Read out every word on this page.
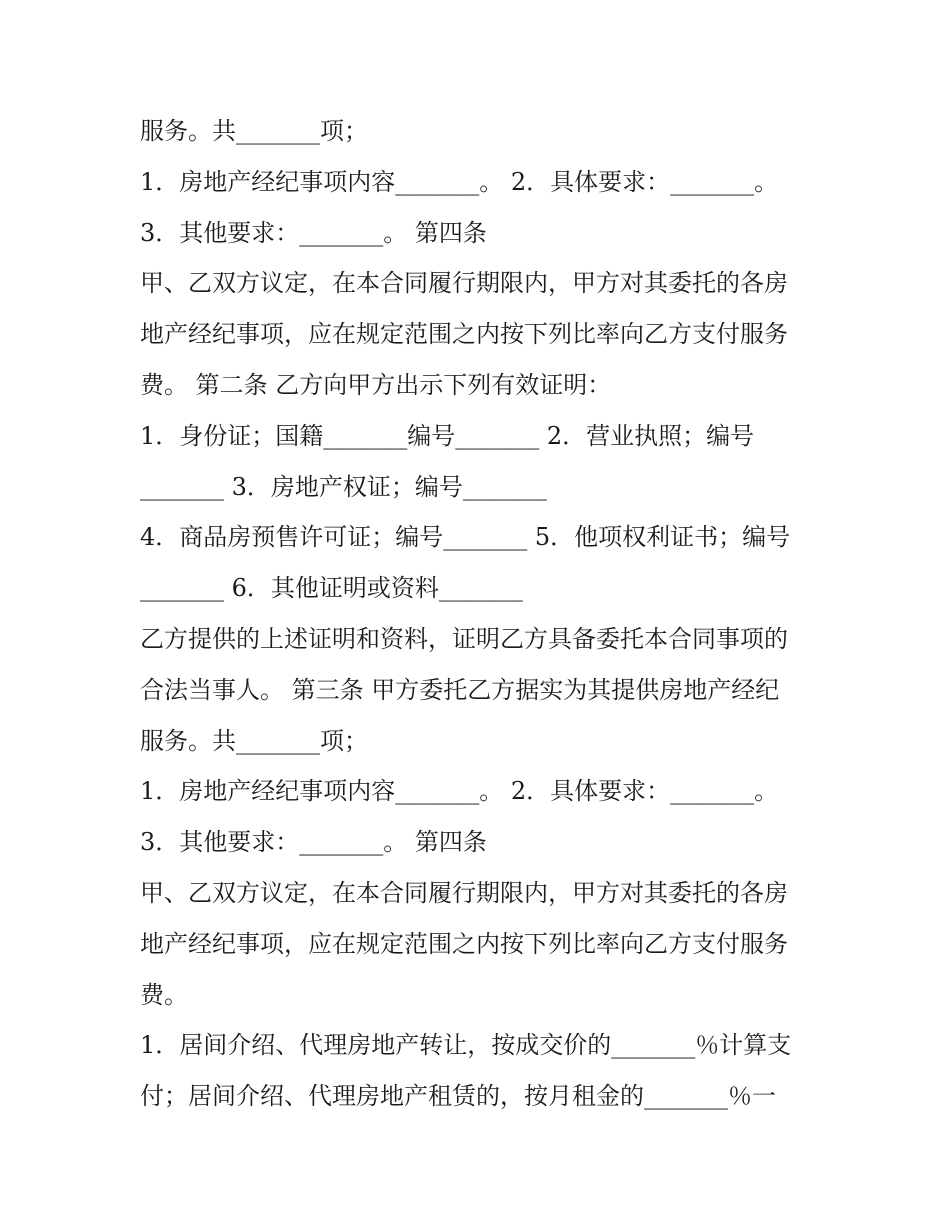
服务。共_______项；
1．房地产经纪事项内容_______。 2．具体要求：_______。
3．其他要求：_______。 第四条
甲、乙双方议定，在本合同履行期限内，甲方对其委托的各房
地产经纪事项，应在规定范围之内按下列比率向乙方支付服务
费。 第二条 乙方向甲方出示下列有效证明：
1．身份证；国籍_______编号_______ 2．营业执照；编号
_______ 3．房地产权证；编号_______
4．商品房预售许可证；编号_______ 5．他项权利证书；编号
_______ 6．其他证明或资料_______
乙方提供的上述证明和资料，证明乙方具备委托本合同事项的
合法当事人。 第三条 甲方委托乙方据实为其提供房地产经纪
服务。共_______项；
1．房地产经纪事项内容_______。 2．具体要求：_______。
3．其他要求：_______。 第四条
甲、乙双方议定，在本合同履行期限内，甲方对其委托的各房
地产经纪事项，应在规定范围之内按下列比率向乙方支付服务
费。
1．居间介绍、代理房地产转让，按成交价的_______％计算支
付；居间介绍、代理房地产租赁的，按月租金的_______％一
